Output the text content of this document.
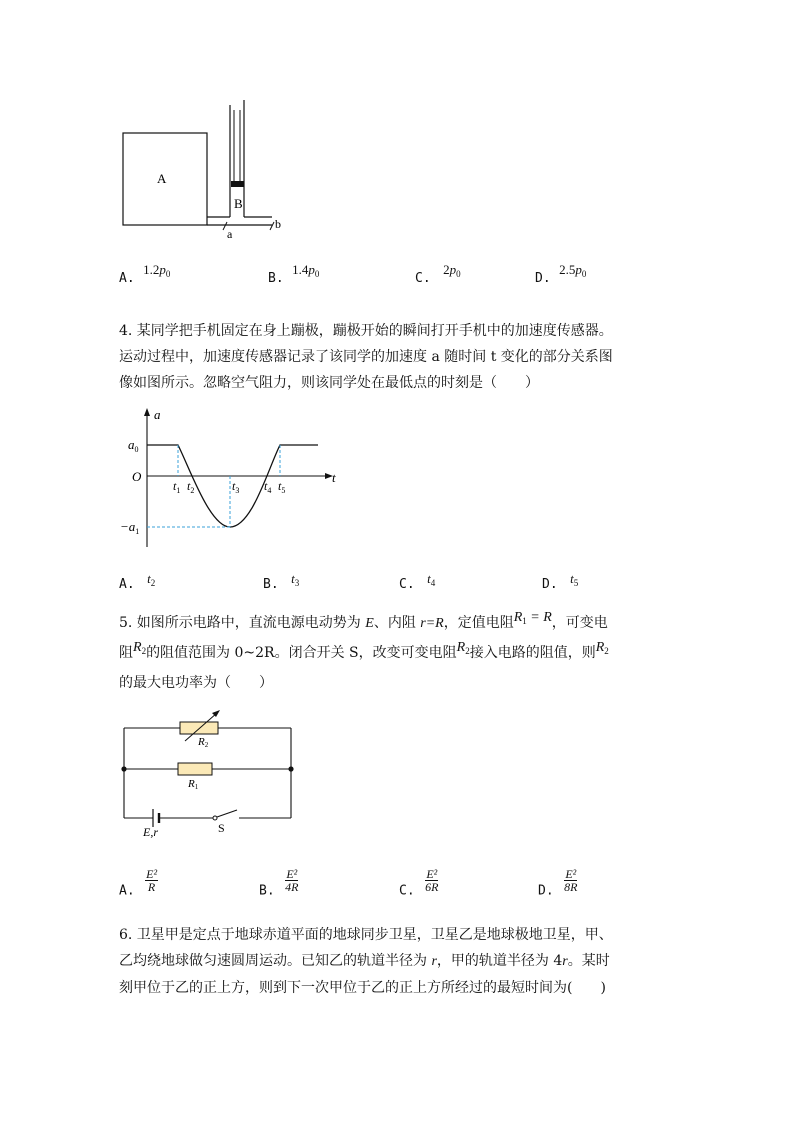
A
B
a
b
A. $1.2p_0$	B. $1.4p_0$	C. $2p_0$	D. $2.5p_0$
4. 某同学把手机固定在身上蹦极，蹦极开始的瞬间打开手机中的加速度传感器。
运动过程中，加速度传感器记录了该同学的加速度 a 随时间 t 变化的部分关系图
像如图所示。忽略空气阻力，则该同学处在最低点的时刻是（　　）
a
t
O
$a_0$
$-a_1$
$t_1$ $t_2$	$t_3$ $t_4$ $t_5$
A. $t_2$	B. $t_3$	C. $t_4$	D. $t_5$
5. 如图所示电路中，直流电源电动势为 E、内阻 r=R，定值电阻$R_1 = R$，可变电
阻$R_2$的阻值范围为 0~2R。闭合开关 S，改变可变电阻$R_2$接入电路的阻值，则$R_2$
的最大电功率为（　　）
R2
R1
E,r	S
A. $\frac{\text{E²}}{R}$	B. $\frac{\text{E²}}{4R}$	C. $\frac{\text{E²}}{6R}$	D. $\frac{\text{E²}}{8R}$
6. 卫星甲是定点于地球赤道平面的地球同步卫星，卫星乙是地球极地卫星，甲、
乙均绕地球做匀速圆周运动。已知乙的轨道半径为 r，甲的轨道半径为 4r。某时
刻甲位于乙的正上方，则到下一次甲位于乙的正上方所经过的最短时间为(　　)
